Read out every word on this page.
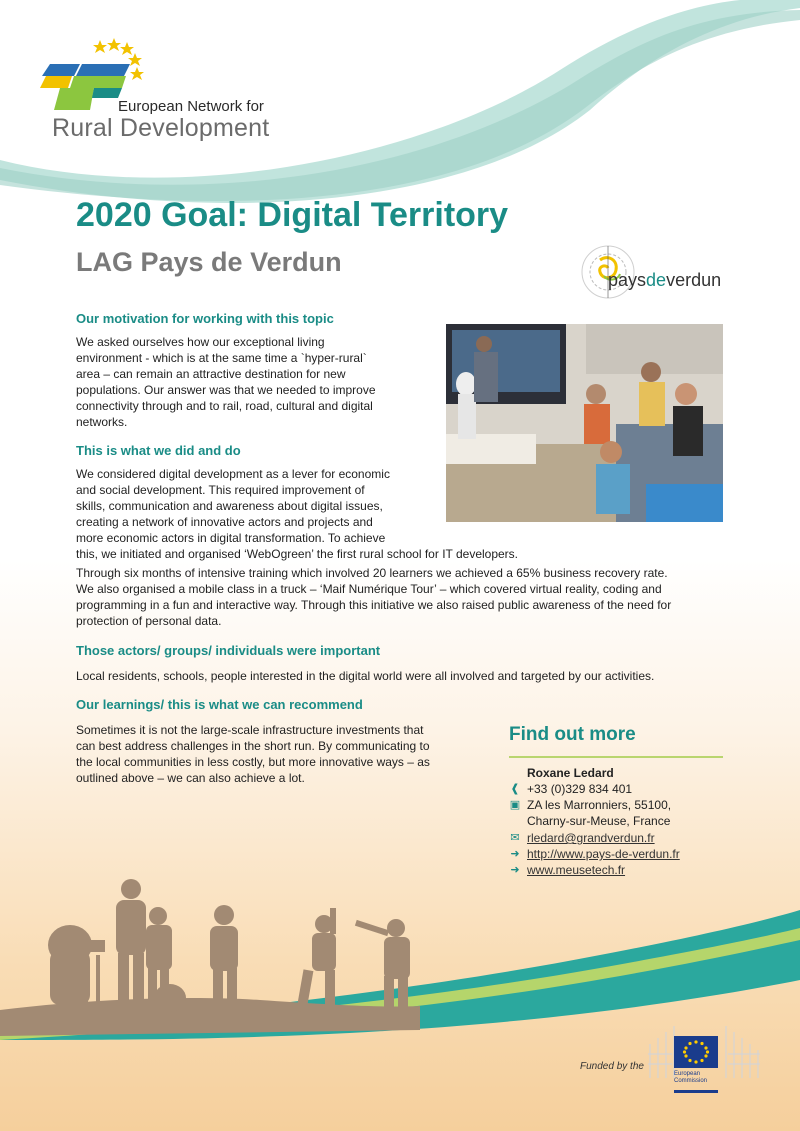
European Network for
Rural Development
2020 Goal: Digital Territory
LAG Pays de Verdun
paysdeverdun
Our motivation for working with this topic

We asked ourselves how our exceptional living
environment - which is at the same time a `hyper-rural`
area – can remain an attractive destination for new
populations. Our answer was that we needed to improve
connectivity through and to rail, road, cultural and digital
networks.

This is what we did and do

We considered digital development as a lever for economic
and social development. This required improvement of
skills, communication and awareness about digital issues,
creating a network of innovative actors and projects and
more economic actors in digital transformation. To achieve
this, we initiated and organised ‘WebOgreen’ the first rural school for IT developers.

Through six months of intensive training which involved 20 learners we achieved a 65% business recovery rate.
We also organised a mobile class in a truck – ‘Maif Numérique Tour’ – which covered virtual reality, coding and
programming in a fun and interactive way. Through this initiative we also raised public awareness of the need for
protection of personal data.

Those actors/ groups/ individuals were important

Local residents, schools, people interested in the digital world were all involved and targeted by our activities.

Our learnings/ this is what we can recommend

Sometimes it is not the large-scale infrastructure investments that
can best address challenges in the short run. By communicating to
the local communities in less costly, but more innovative ways – as
outlined above – we can also achieve a lot.

Find out more
Roxane Ledard
❰ +33 (0)329 834 401
▣ ZA les Marronniers, 55100,
Charny-sur-Meuse, France
✉ rledard@grandverdun.fr
➜ http://www.pays-de-verdun.fr
➜ www.meusetech.fr
Funded by the
European
Commission
